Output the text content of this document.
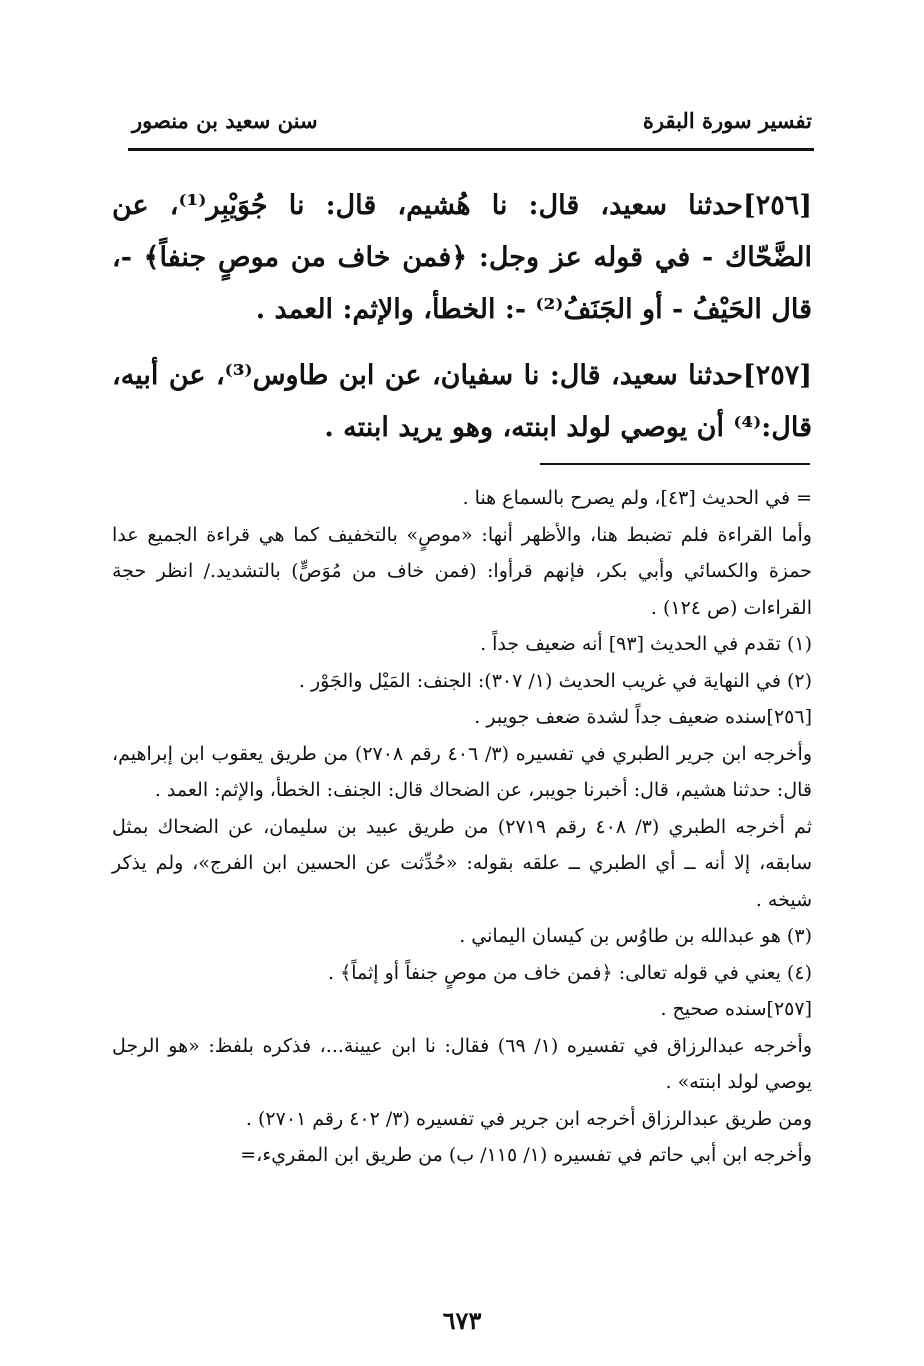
تفسير سورة البقرة
سنن سعيد بن منصور
[٢٥٦]حدثنا سعيد، قال: نا هُشيم، قال: نا جُوَيْبِر⁽¹⁾، عن الضَّحّاك - في قوله عز وجل: ﴿فمن خاف من موصٍ جنفاً﴾ -، قال الحَيْفُ - أو الجَنَفُ⁽²⁾ -: الخطأ، والإثم: العمد .
[٢٥٧]حدثنا سعيد، قال: نا سفيان، عن ابن طاوس⁽³⁾، عن أبيه، قال:⁽⁴⁾ أن يوصي لولد ابنته، وهو يريد ابنته .

= في الحديث [٤٣]، ولم يصرح بالسماع هنا .

وأما القراءة فلم تضبط هنا، والأظهر أنها: «موصٍ» بالتخفيف كما هي قراءة الجميع عدا حمزة والكسائي وأبي بكر، فإنهم قرأوا: (فمن خاف من مُوَصٍّ) بالتشديد./ انظر حجة القراءات (ص ١٢٤) .

(١) تقدم في الحديث [٩٣] أنه ضعيف جداً .

(٢) في النهاية في غريب الحديث (١/ ٣٠٧): الجنف: المَيْل والجَوْر .

[٢٥٦]سنده ضعيف جداً لشدة ضعف جويبر .

وأخرجه ابن جرير الطبري في تفسيره (٣/ ٤٠٦ رقم ٢٧٠٨) من طريق يعقوب ابن إبراهيم، قال: حدثنا هشيم، قال: أخبرنا جويبر، عن الضحاك قال: الجنف: الخطأ، والإثم: العمد .

ثم أخرجه الطبري (٣/ ٤٠٨ رقم ٢٧١٩) من طريق عبيد بن سليمان، عن الضحاك بمثل سابقه، إلا أنه ــ أي الطبري ــ علقه بقوله: «حُدِّثت عن الحسين ابن الفرج»، ولم يذكر شيخه .

(٣) هو عبدالله بن طاوُس بن كيسان اليماني .

(٤) يعني في قوله تعالى: ﴿فمن خاف من موصٍ جنفاً أو إثماً﴾ .

[٢٥٧]سنده صحيح .

وأخرجه عبدالرزاق في تفسيره (١/ ٦٩) فقال: نا ابن عيينة...، فذكره بلفظ: «هو الرجل يوصي لولد ابنته» .

ومن طريق عبدالرزاق أخرجه ابن جرير في تفسيره (٣/ ٤٠٢ رقم ٢٧٠١) .

وأخرجه ابن أبي حاتم في تفسيره (١/ ١١٥/ ب) من طريق ابن المقريء،=

٦٧٣
